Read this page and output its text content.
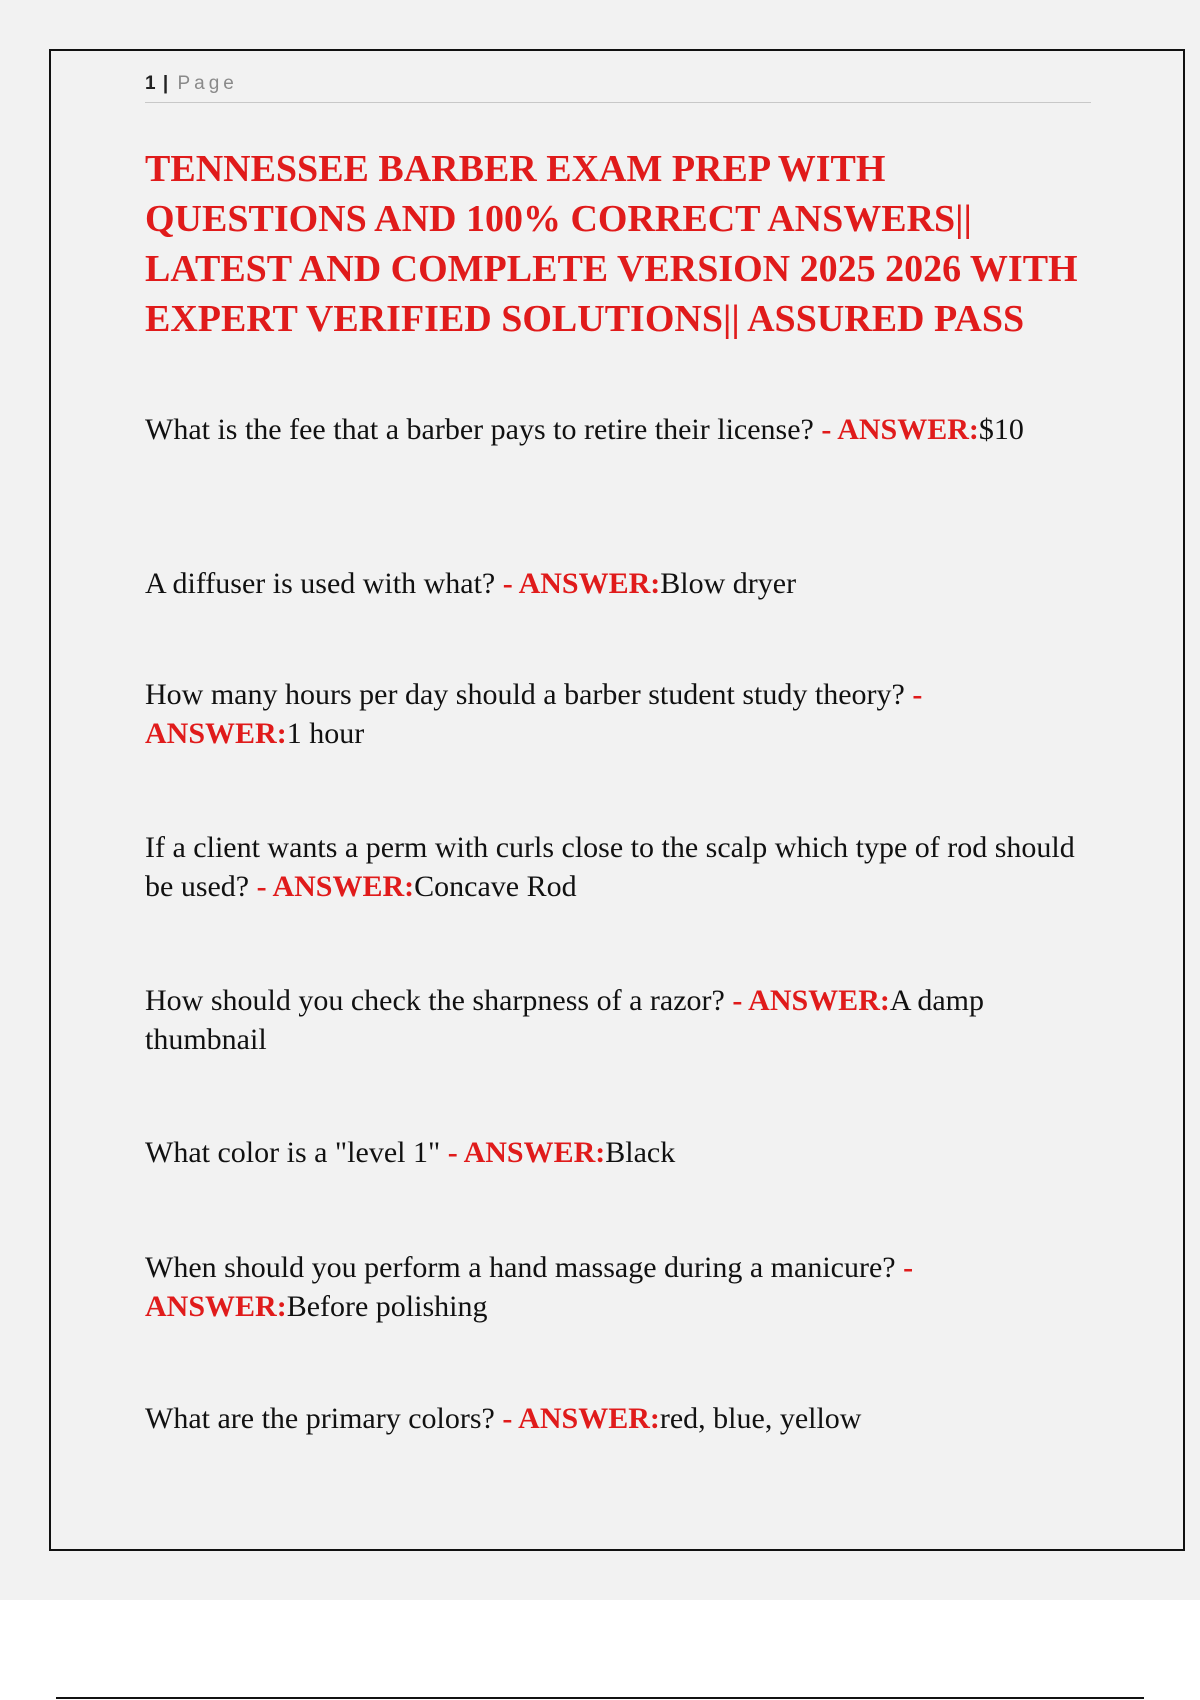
1 | Page
TENNESSEE BARBER EXAM PREP WITH QUESTIONS AND 100% CORRECT ANSWERS|| LATEST AND COMPLETE VERSION 2025 2026 WITH EXPERT VERIFIED SOLUTIONS|| ASSURED PASS

What is the fee that a barber pays to retire their license? - ANSWER:$10

A diffuser is used with what? - ANSWER:Blow dryer

How many hours per day should a barber student study theory? - ANSWER:1 hour

If a client wants a perm with curls close to the scalp which type of rod should be used? - ANSWER:Concave Rod

How should you check the sharpness of a razor? - ANSWER:A damp thumbnail

What color is a "level 1" - ANSWER:Black

When should you perform a hand massage during a manicure? - ANSWER:Before polishing

What are the primary colors? - ANSWER:red, blue, yellow
